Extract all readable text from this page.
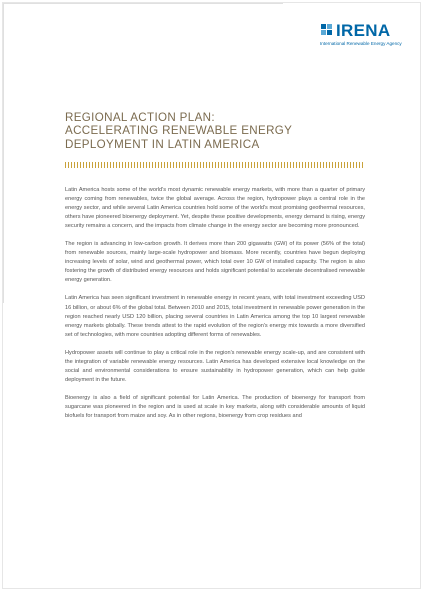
IRENA
International Renewable Energy Agency
REGIONAL ACTION PLAN:
ACCELERATING RENEWABLE ENERGY
DEPLOYMENT IN LATIN AMERICA

Latin America hosts some of the world's most dynamic renewable energy markets, with more than a quarter of primary energy coming from renewables, twice the global average. Across the region, hydropower plays a central role in the energy sector, and while several Latin America countries hold some of the world's most promising geothermal resources, others have pioneered bioenergy deployment. Yet, despite these positive developments, energy demand is rising, energy security remains a concern, and the impacts from climate change in the energy sector are becoming more pronounced.

The region is advancing in low-carbon growth. It derives more than 200 gigawatts (GW) of its power (56% of the total) from renewable sources, mainly large-scale hydropower and biomass. More recently, countries have begun deploying increasing levels of solar, wind and geothermal power, which total over 10 GW of installed capacity. The region is also fostering the growth of distributed energy resources and holds significant potential to accelerate decentralised renewable energy generation.

Latin America has seen significant investment in renewable energy in recent years, with total investment exceeding USD 16 billion, or about 6% of the global total. Between 2010 and 2015, total investment in renewable power generation in the region reached nearly USD 120 billion, placing several countries in Latin America among the top 10 largest renewable energy markets globally. These trends attest to the rapid evolution of the region's energy mix towards a more diversified set of technologies, with more countries adopting different forms of renewables.

Hydropower assets will continue to play a critical role in the region's renewable energy scale-up, and are consistent with the integration of variable renewable energy resources. Latin America has developed extensive local knowledge on the social and environmental considerations to ensure sustainability in hydropower generation, which can help guide deployment in the future.

Bioenergy is also a field of significant potential for Latin America. The production of bioenergy for transport from sugarcane was pioneered in the region and is used at scale in key markets, along with considerable amounts of liquid biofuels for transport from maize and soy. As in other regions, bioenergy from crop residues and
